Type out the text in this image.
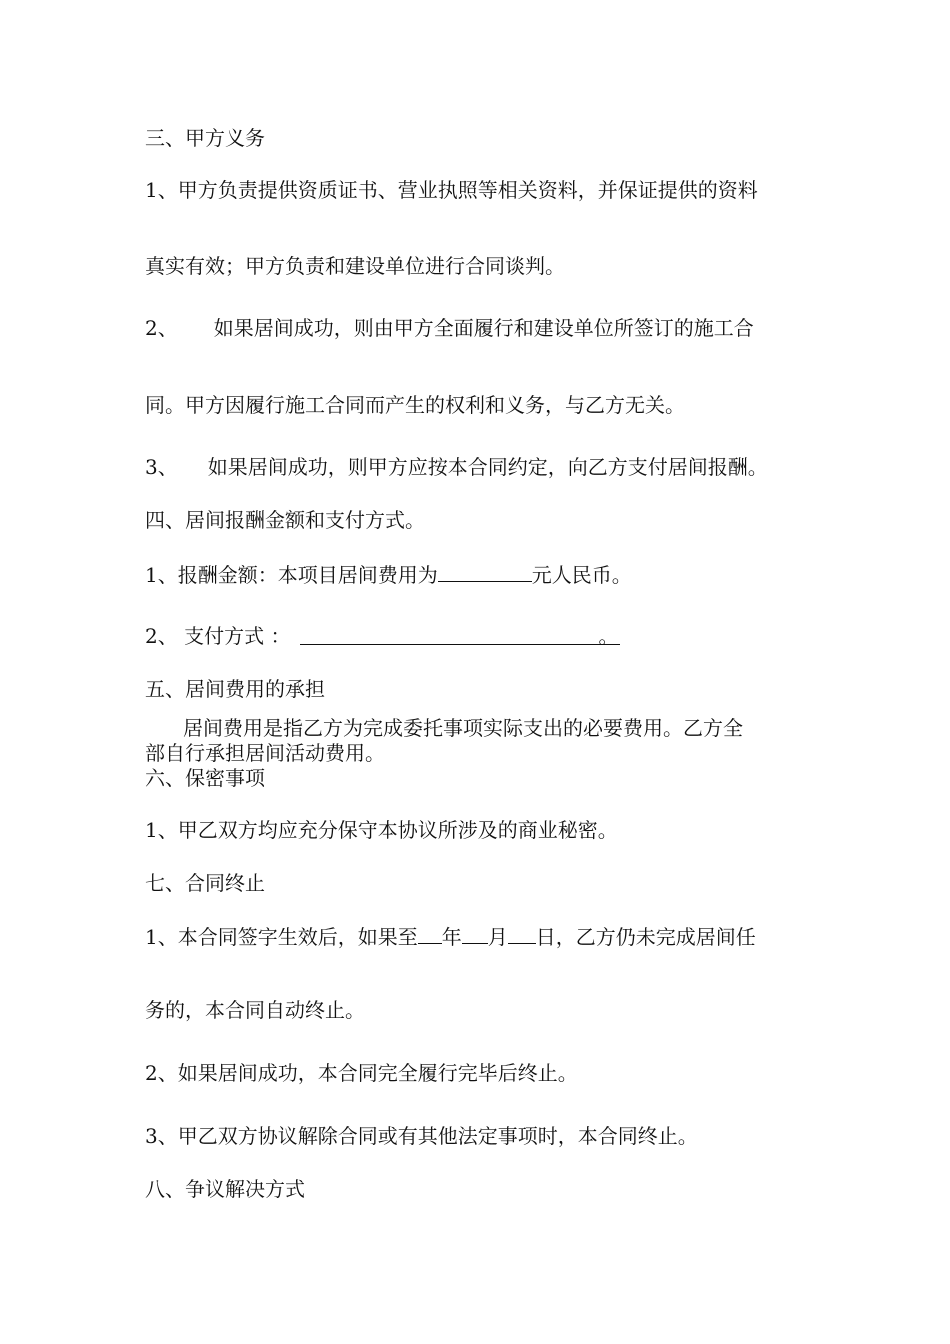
三、甲方义务
1、甲方负责提供资质证书、营业执照等相关资料，并保证提供的资料
真实有效；甲方负责和建设单位进行合同谈判。
2、 如果居间成功，则由甲方全面履行和建设单位所签订的施工合
同。甲方因履行施工合同而产生的权利和义务，与乙方无关。
3、 如果居间成功，则甲方应按本合同约定，向乙方支付居间报酬。
四、居间报酬金额和支付方式。
1、报酬金额：本项目居间费用为	元人民币。
2、 支付方式 ：	。
五、居间费用的承担
居间费用是指乙方为完成委托事项实际支出的必要费用。乙方全
部自行承担居间活动费用。
六、保密事项
1、甲乙双方均应充分保守本协议所涉及的商业秘密。
七、合同终止
1、本合同签字生效后，如果至 年 月 日，乙方仍未完成居间任
务的，本合同自动终止。
2、如果居间成功，本合同完全履行完毕后终止。
3、甲乙双方协议解除合同或有其他法定事项时，本合同终止。
八、争议解决方式
